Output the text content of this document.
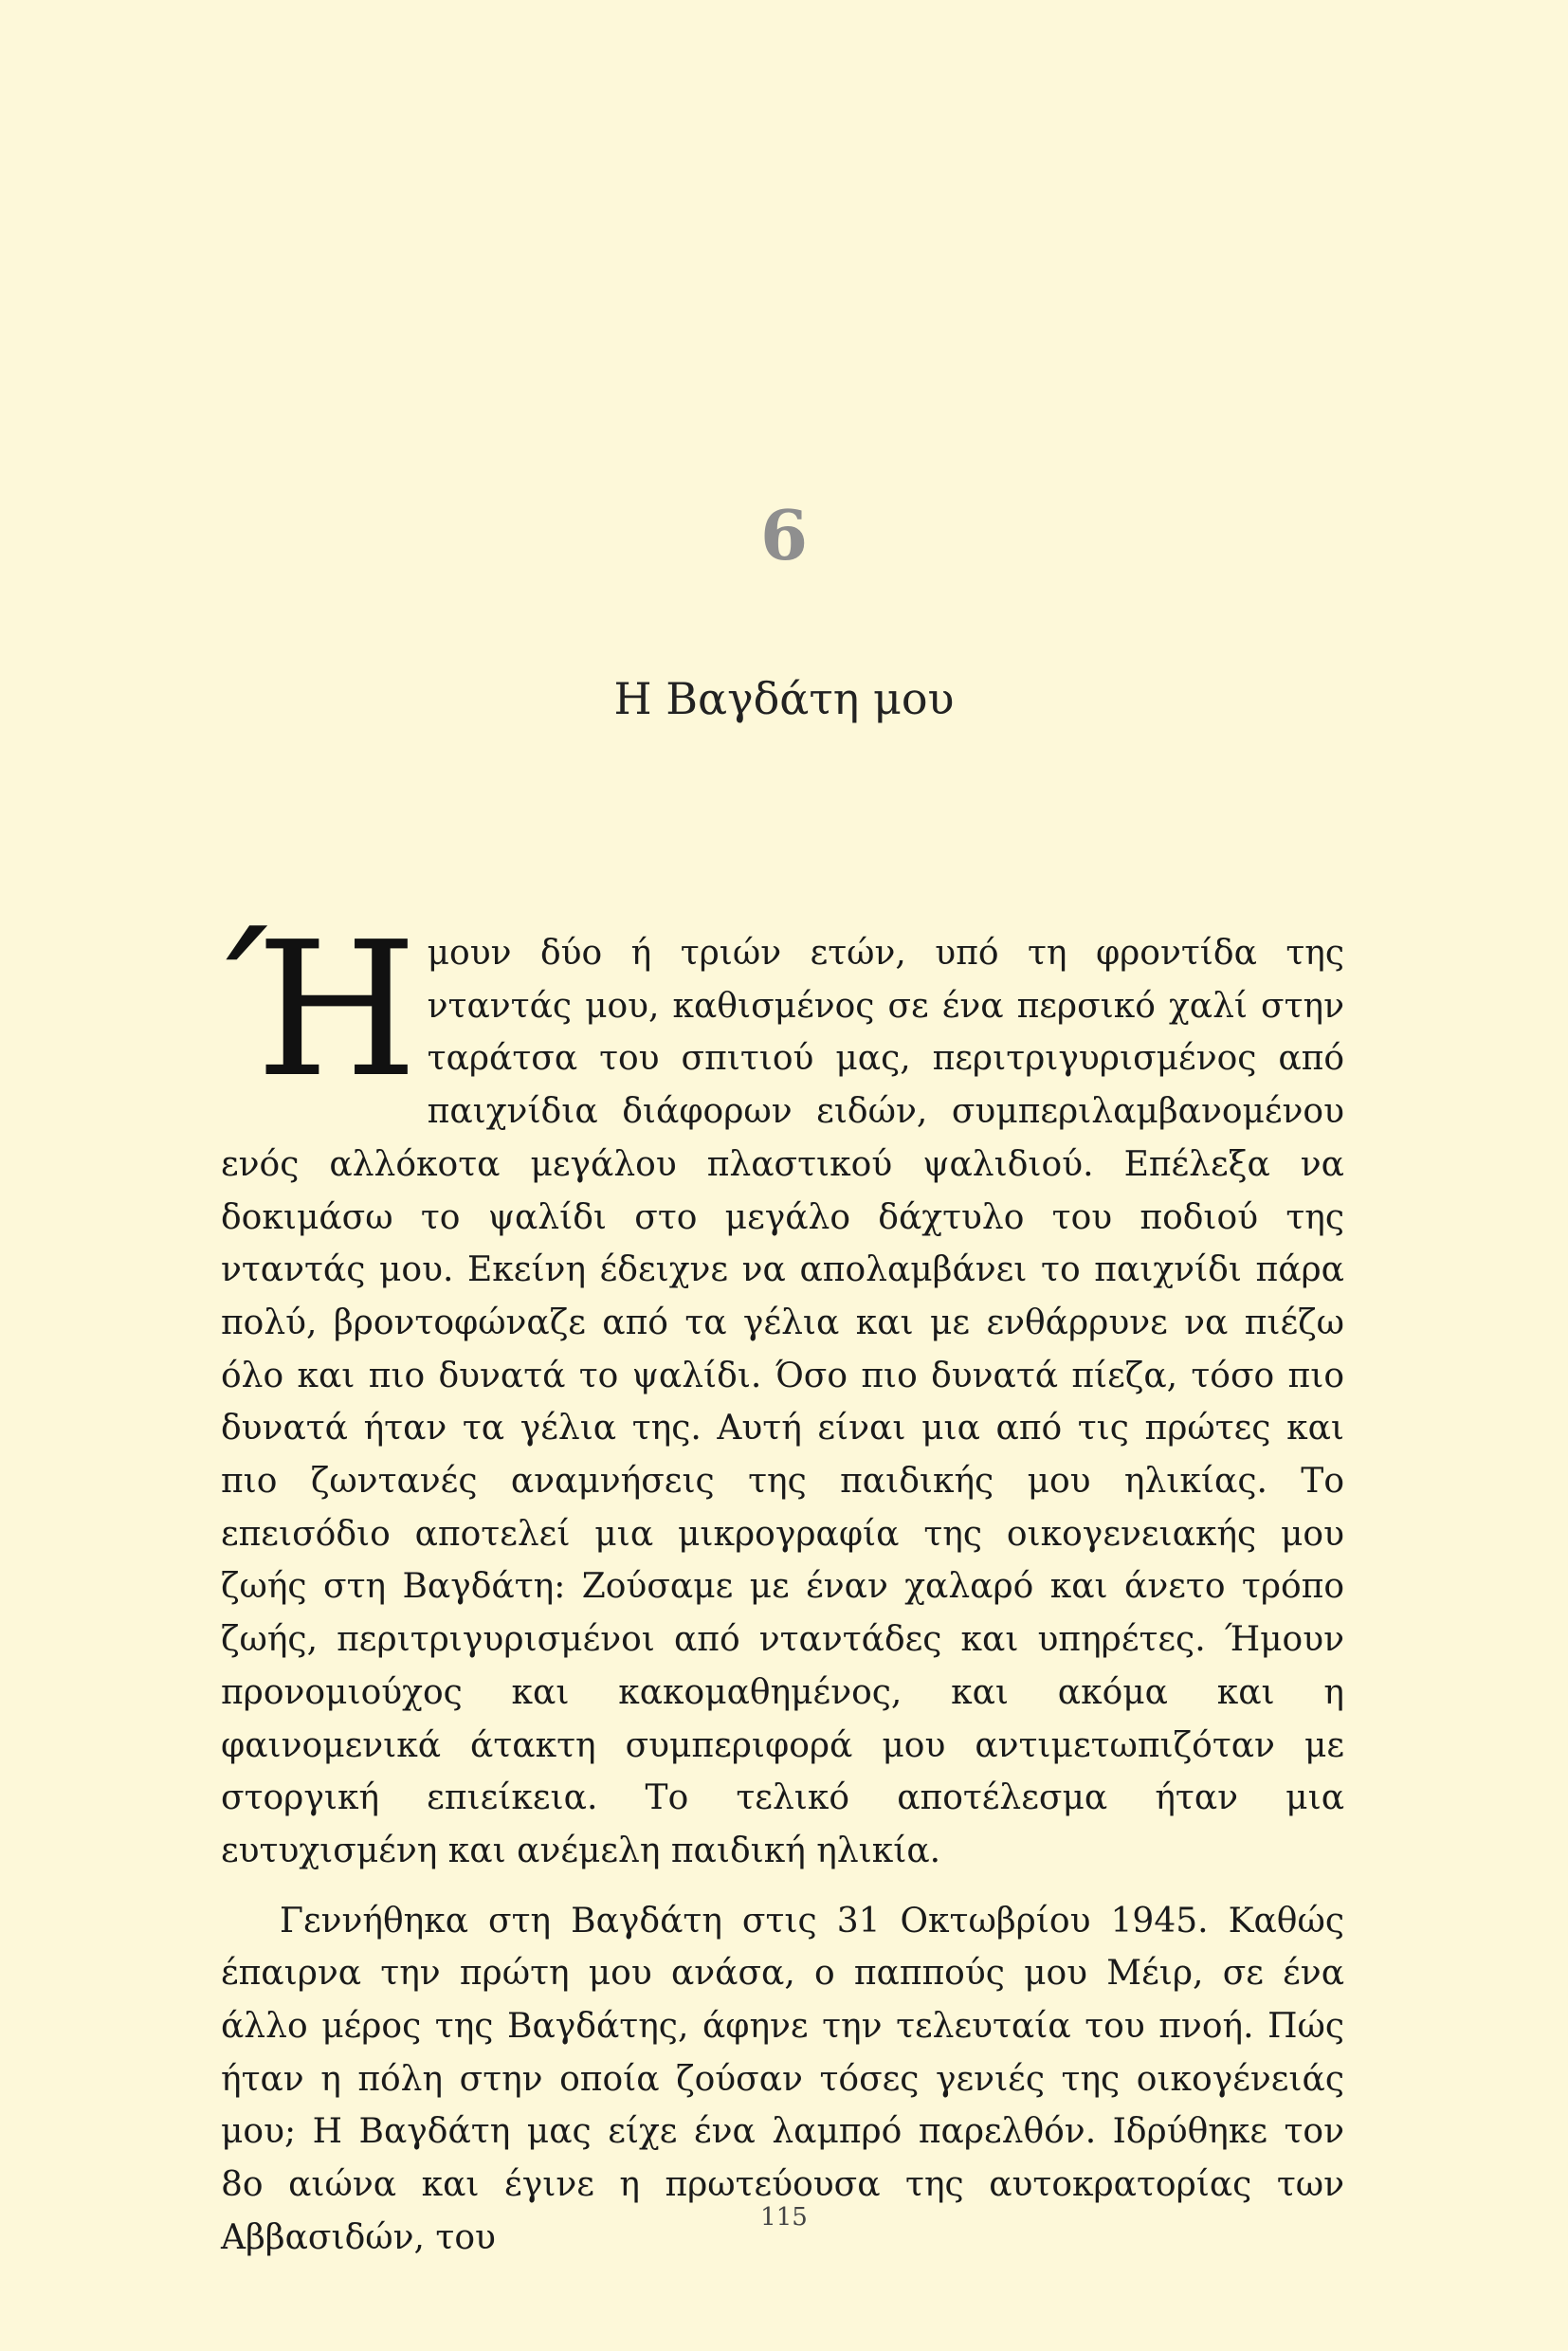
6
Η Βαγδάτη μου

Ή μουν δύο ή τριών ετών, υπό τη φροντίδα της νταντάς μου, καθισμένος σε ένα περσικό χαλί στην ταράτσα του σπιτιού μας, περιτριγυρισμένος από παιχνίδια διάφορων ειδών, συμπεριλαμβανομένου ενός αλλόκοτα μεγάλου πλαστικού ψαλιδιού. Επέλεξα να δοκιμάσω το ψαλίδι στο μεγάλο δάχτυλο του ποδιού της νταντάς μου. Εκείνη έδειχνε να απολαμβάνει το παιχνίδι πάρα πολύ, βροντοφώναζε από τα γέλια και με ενθάρρυνε να πιέζω όλο και πιο δυνατά το ψαλίδι. Όσο πιο δυνατά πίεζα, τόσο πιο δυνατά ήταν τα γέλια της. Αυτή είναι μια από τις πρώτες και πιο ζωντανές αναμνήσεις της παιδικής μου ηλικίας. Το επεισόδιο αποτελεί μια μικρογραφία της οικογενειακής μου ζωής στη Βαγδάτη: Ζούσαμε με έναν χαλαρό και άνετο τρόπο ζωής, περιτριγυρισμένοι από νταντάδες και υπηρέτες. Ήμουν προνομιούχος και κακομαθημένος, και ακόμα και η φαινομενικά άτακτη συμπεριφορά μου αντιμετωπιζόταν με στοργική επιείκεια. Το τελικό αποτέλεσμα ήταν μια ευτυχισμένη και ανέμελη παιδική ηλικία.

Γεννήθηκα στη Βαγδάτη στις 31 Οκτωβρίου 1945. Καθώς έπαιρνα την πρώτη μου ανάσα, ο παππούς μου Μέιρ, σε ένα άλλο μέρος της Βαγδάτης, άφηνε την τελευταία του πνοή. Πώς ήταν η πόλη στην οποία ζούσαν τόσες γενιές της οικογένειάς μου; Η Βαγδάτη μας είχε ένα λαμπρό παρελθόν. Ιδρύθηκε τον 8ο αιώνα και έγινε η πρωτεύουσα της αυτοκρατορίας των Αββασιδών, του

115
